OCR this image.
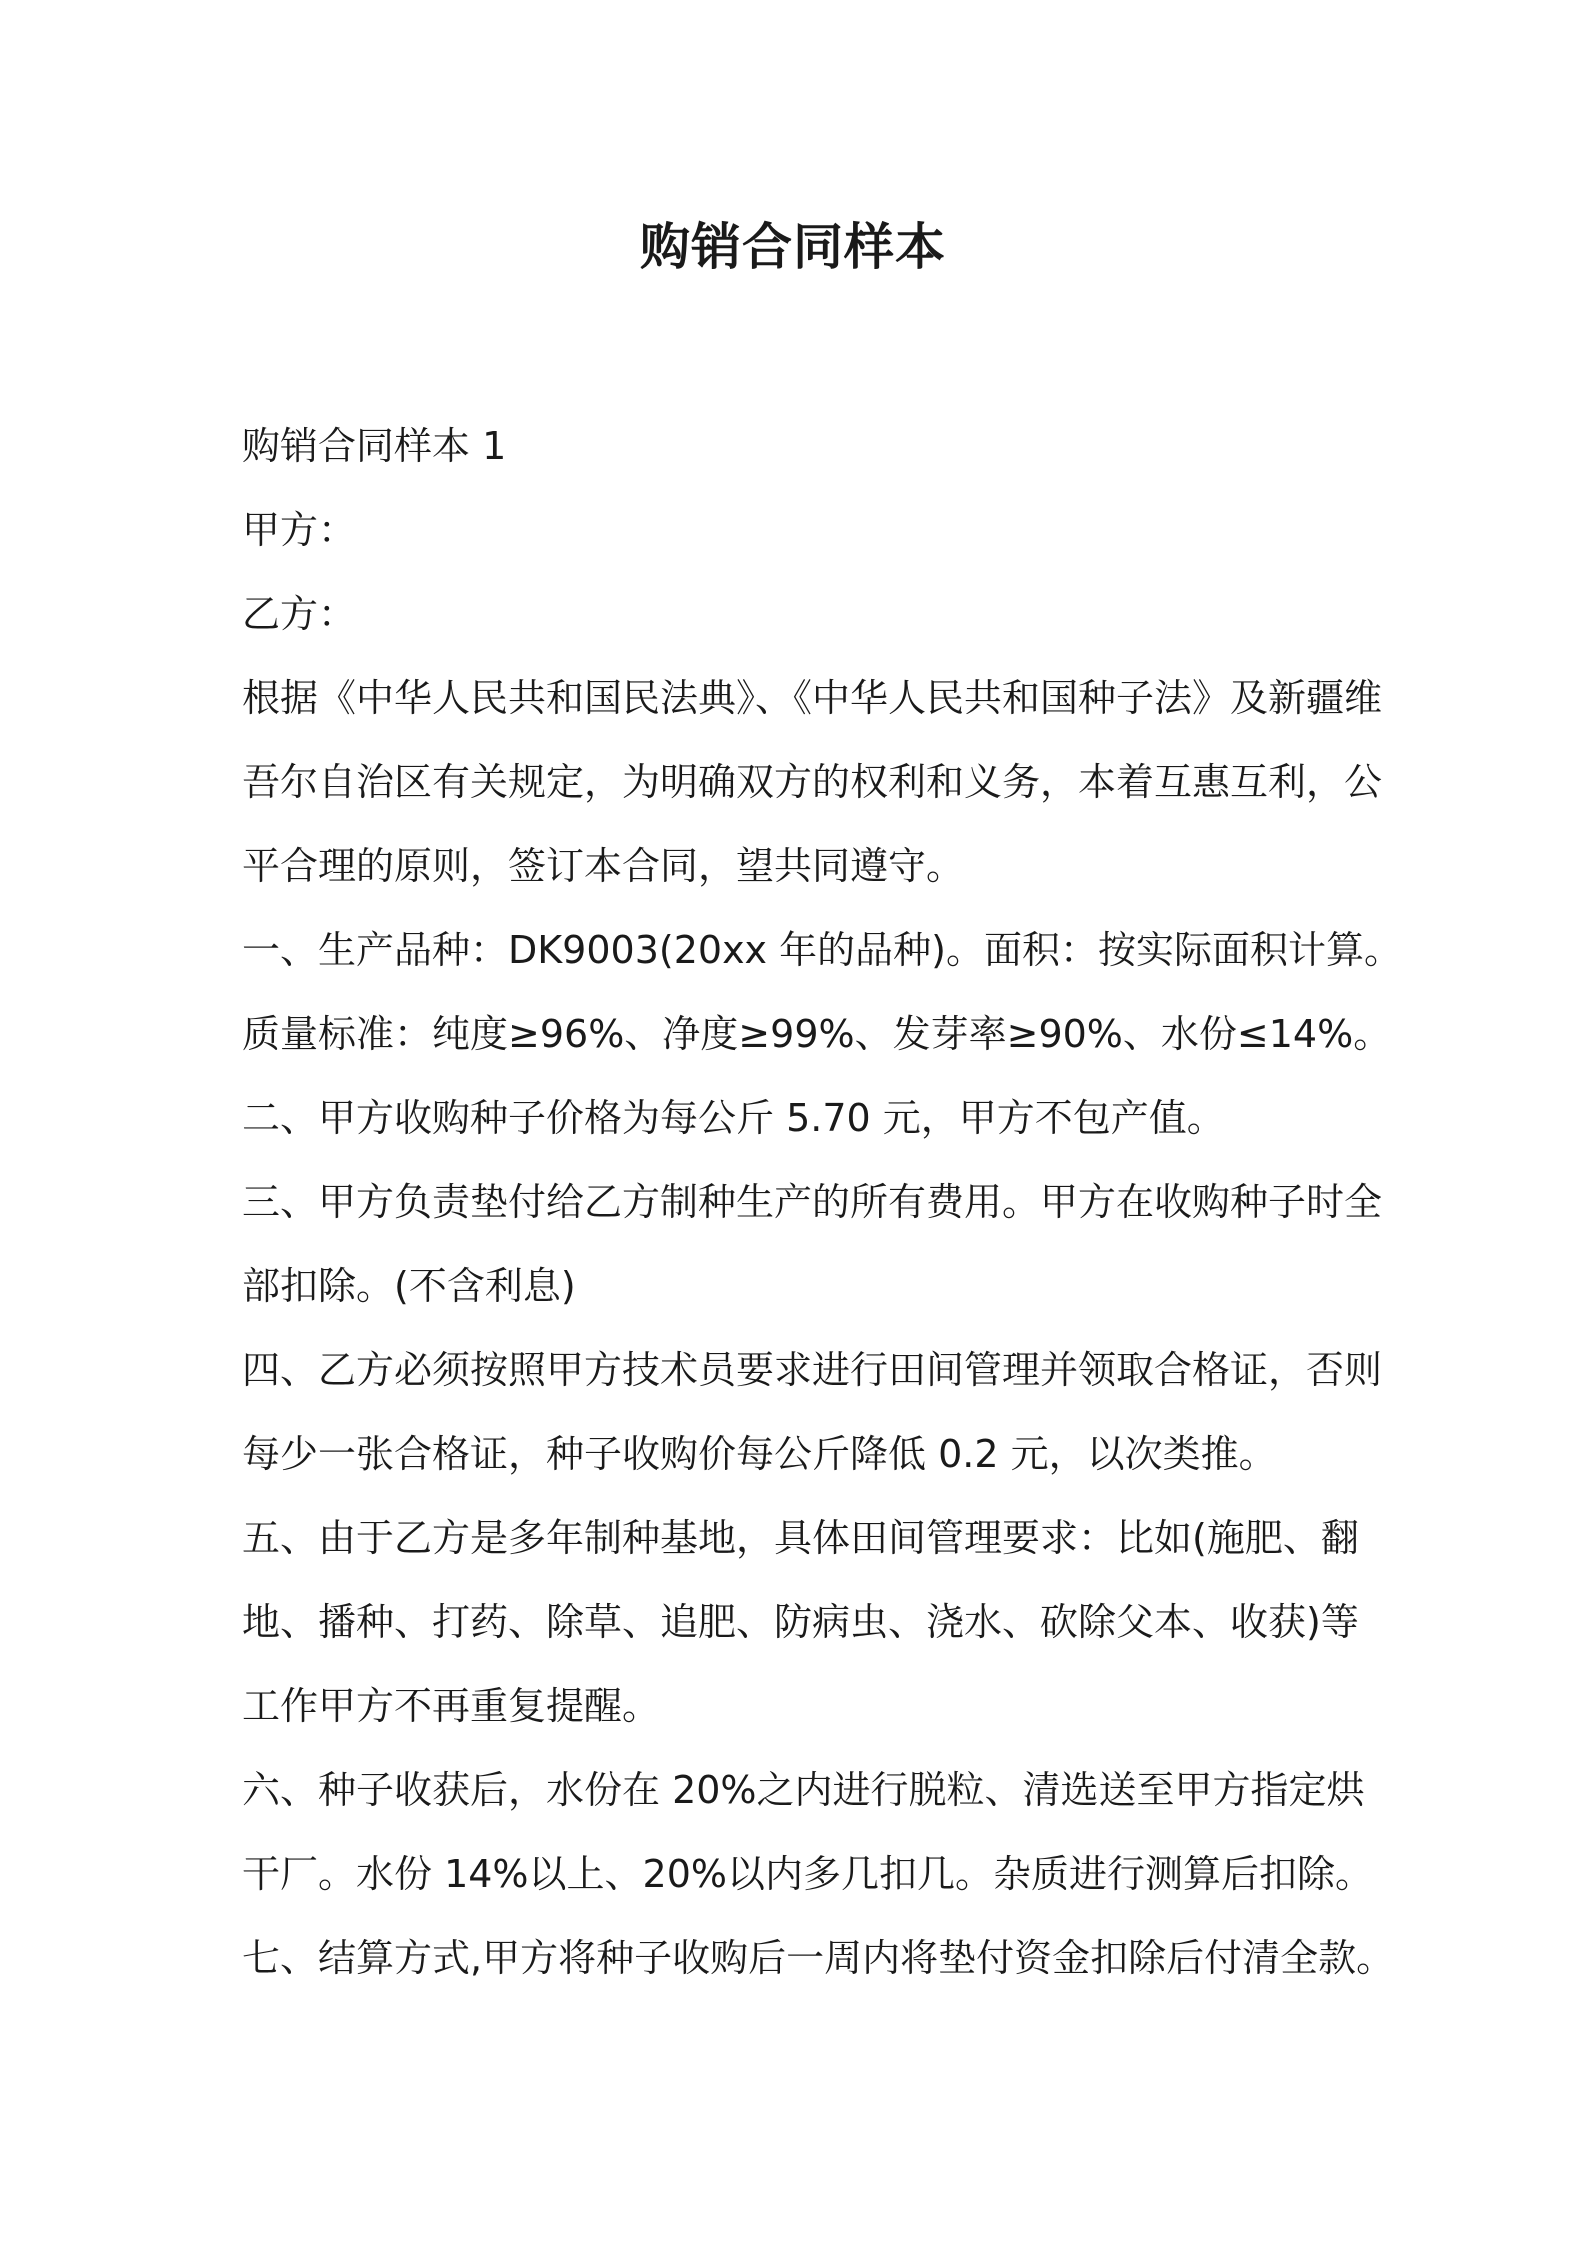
购销合同样本

购销合同样本 1

甲方：

乙方：

根据《中华人民共和国民法典》、《中华人民共和国种子法》及新疆维

吾尔自治区有关规定，为明确双方的权利和义务，本着互惠互利，公

平合理的原则，签订本合同，望共同遵守。

一、生产品种：DK9003(20xx 年的品种)。面积：按实际面积计算。

质量标准：纯度≥96%、净度≥99%、发芽率≥90%、水份≤14%。

二、甲方收购种子价格为每公斤 5.70 元，甲方不包产值。

三、甲方负责垫付给乙方制种生产的所有费用。甲方在收购种子时全

部扣除。(不含利息)

四、乙方必须按照甲方技术员要求进行田间管理并领取合格证，否则

每少一张合格证，种子收购价每公斤降低 0.2 元，以次类推。

五、由于乙方是多年制种基地，具体田间管理要求：比如(施肥、翻

地、播种、打药、除草、追肥、防病虫、浇水、砍除父本、收获)等

工作甲方不再重复提醒。

六、种子收获后，水份在 20%之内进行脱粒、清选送至甲方指定烘

干厂。水份 14%以上、20%以内多几扣几。杂质进行测算后扣除。

七、结算方式,甲方将种子收购后一周内将垫付资金扣除后付清全款。
